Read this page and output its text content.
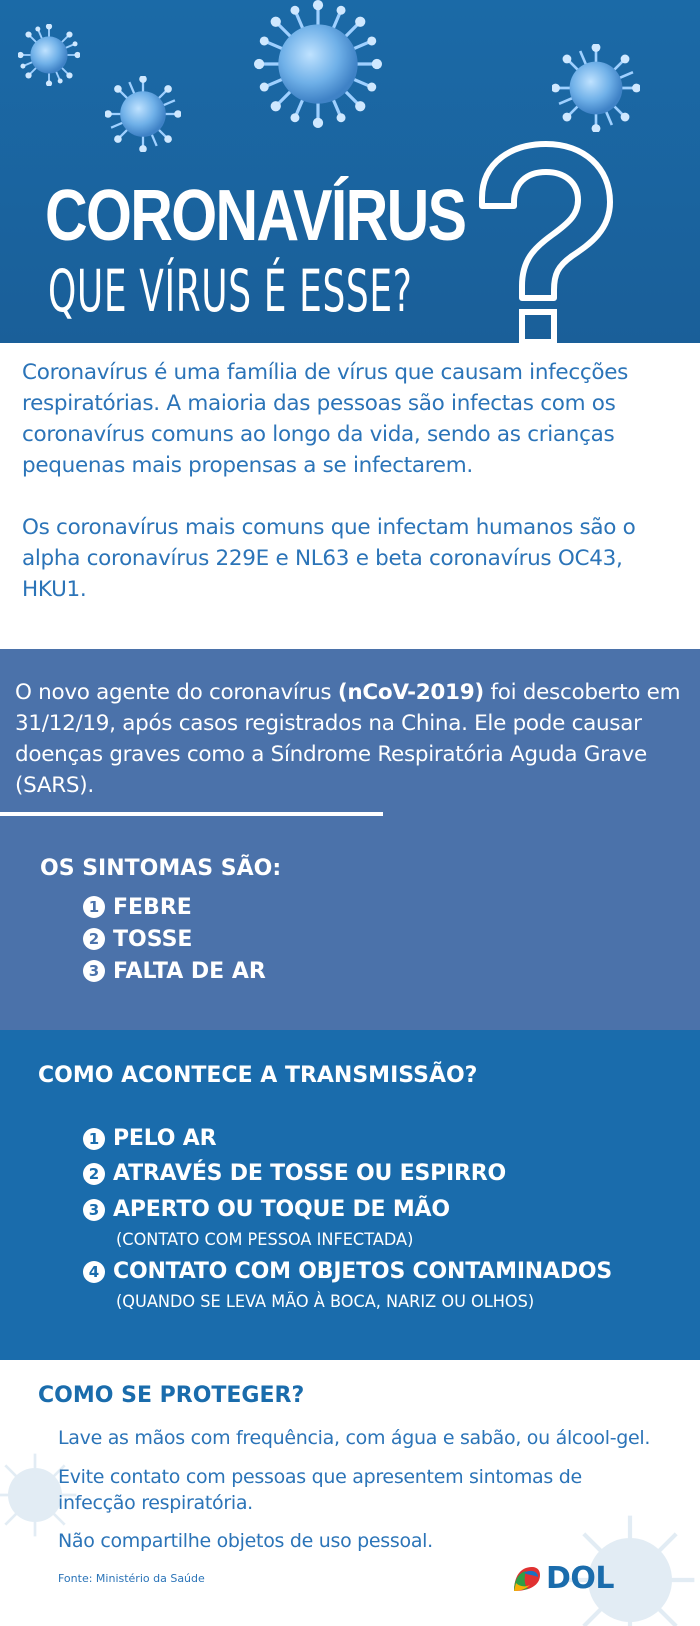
CORONAVÍRUS
QUE VÍRUS É ESSE?

Coronavírus é uma família de vírus que causam infecções respiratórias. A maioria das pessoas são infectas com os coronavírus comuns ao longo da vida, sendo as crianças pequenas mais propensas a se infectarem.

Os coronavírus mais comuns que infectam humanos são o alpha coronavírus 229E e NL63 e beta coronavírus OC43, HKU1.

O novo agente do coronavírus (nCoV-2019) foi descoberto em 31/12/19, após casos registrados na China. Ele pode causar doenças graves como a Síndrome Respiratória Aguda Grave (SARS).
OS SINTOMAS SÃO:
1 FEBRE
2 TOSSE
3 FALTA DE AR
COMO ACONTECE A TRANSMISSÃO?
1 PELO AR
2 ATRAVÉS DE TOSSE OU ESPIRRO
3 APERTO OU TOQUE DE MÃO
(CONTATO COM PESSOA INFECTADA)
4 CONTATO COM OBJETOS CONTAMINADOS
(QUANDO SE LEVA MÃO À BOCA, NARIZ OU OLHOS)
COMO SE PROTEGER?
Lave as mãos com frequência, com água e sabão, ou álcool-gel.
Evite contato com pessoas que apresentem sintomas de infecção respiratória.
Não compartilhe objetos de uso pessoal.
Fonte: Ministério da Saúde	DOL
